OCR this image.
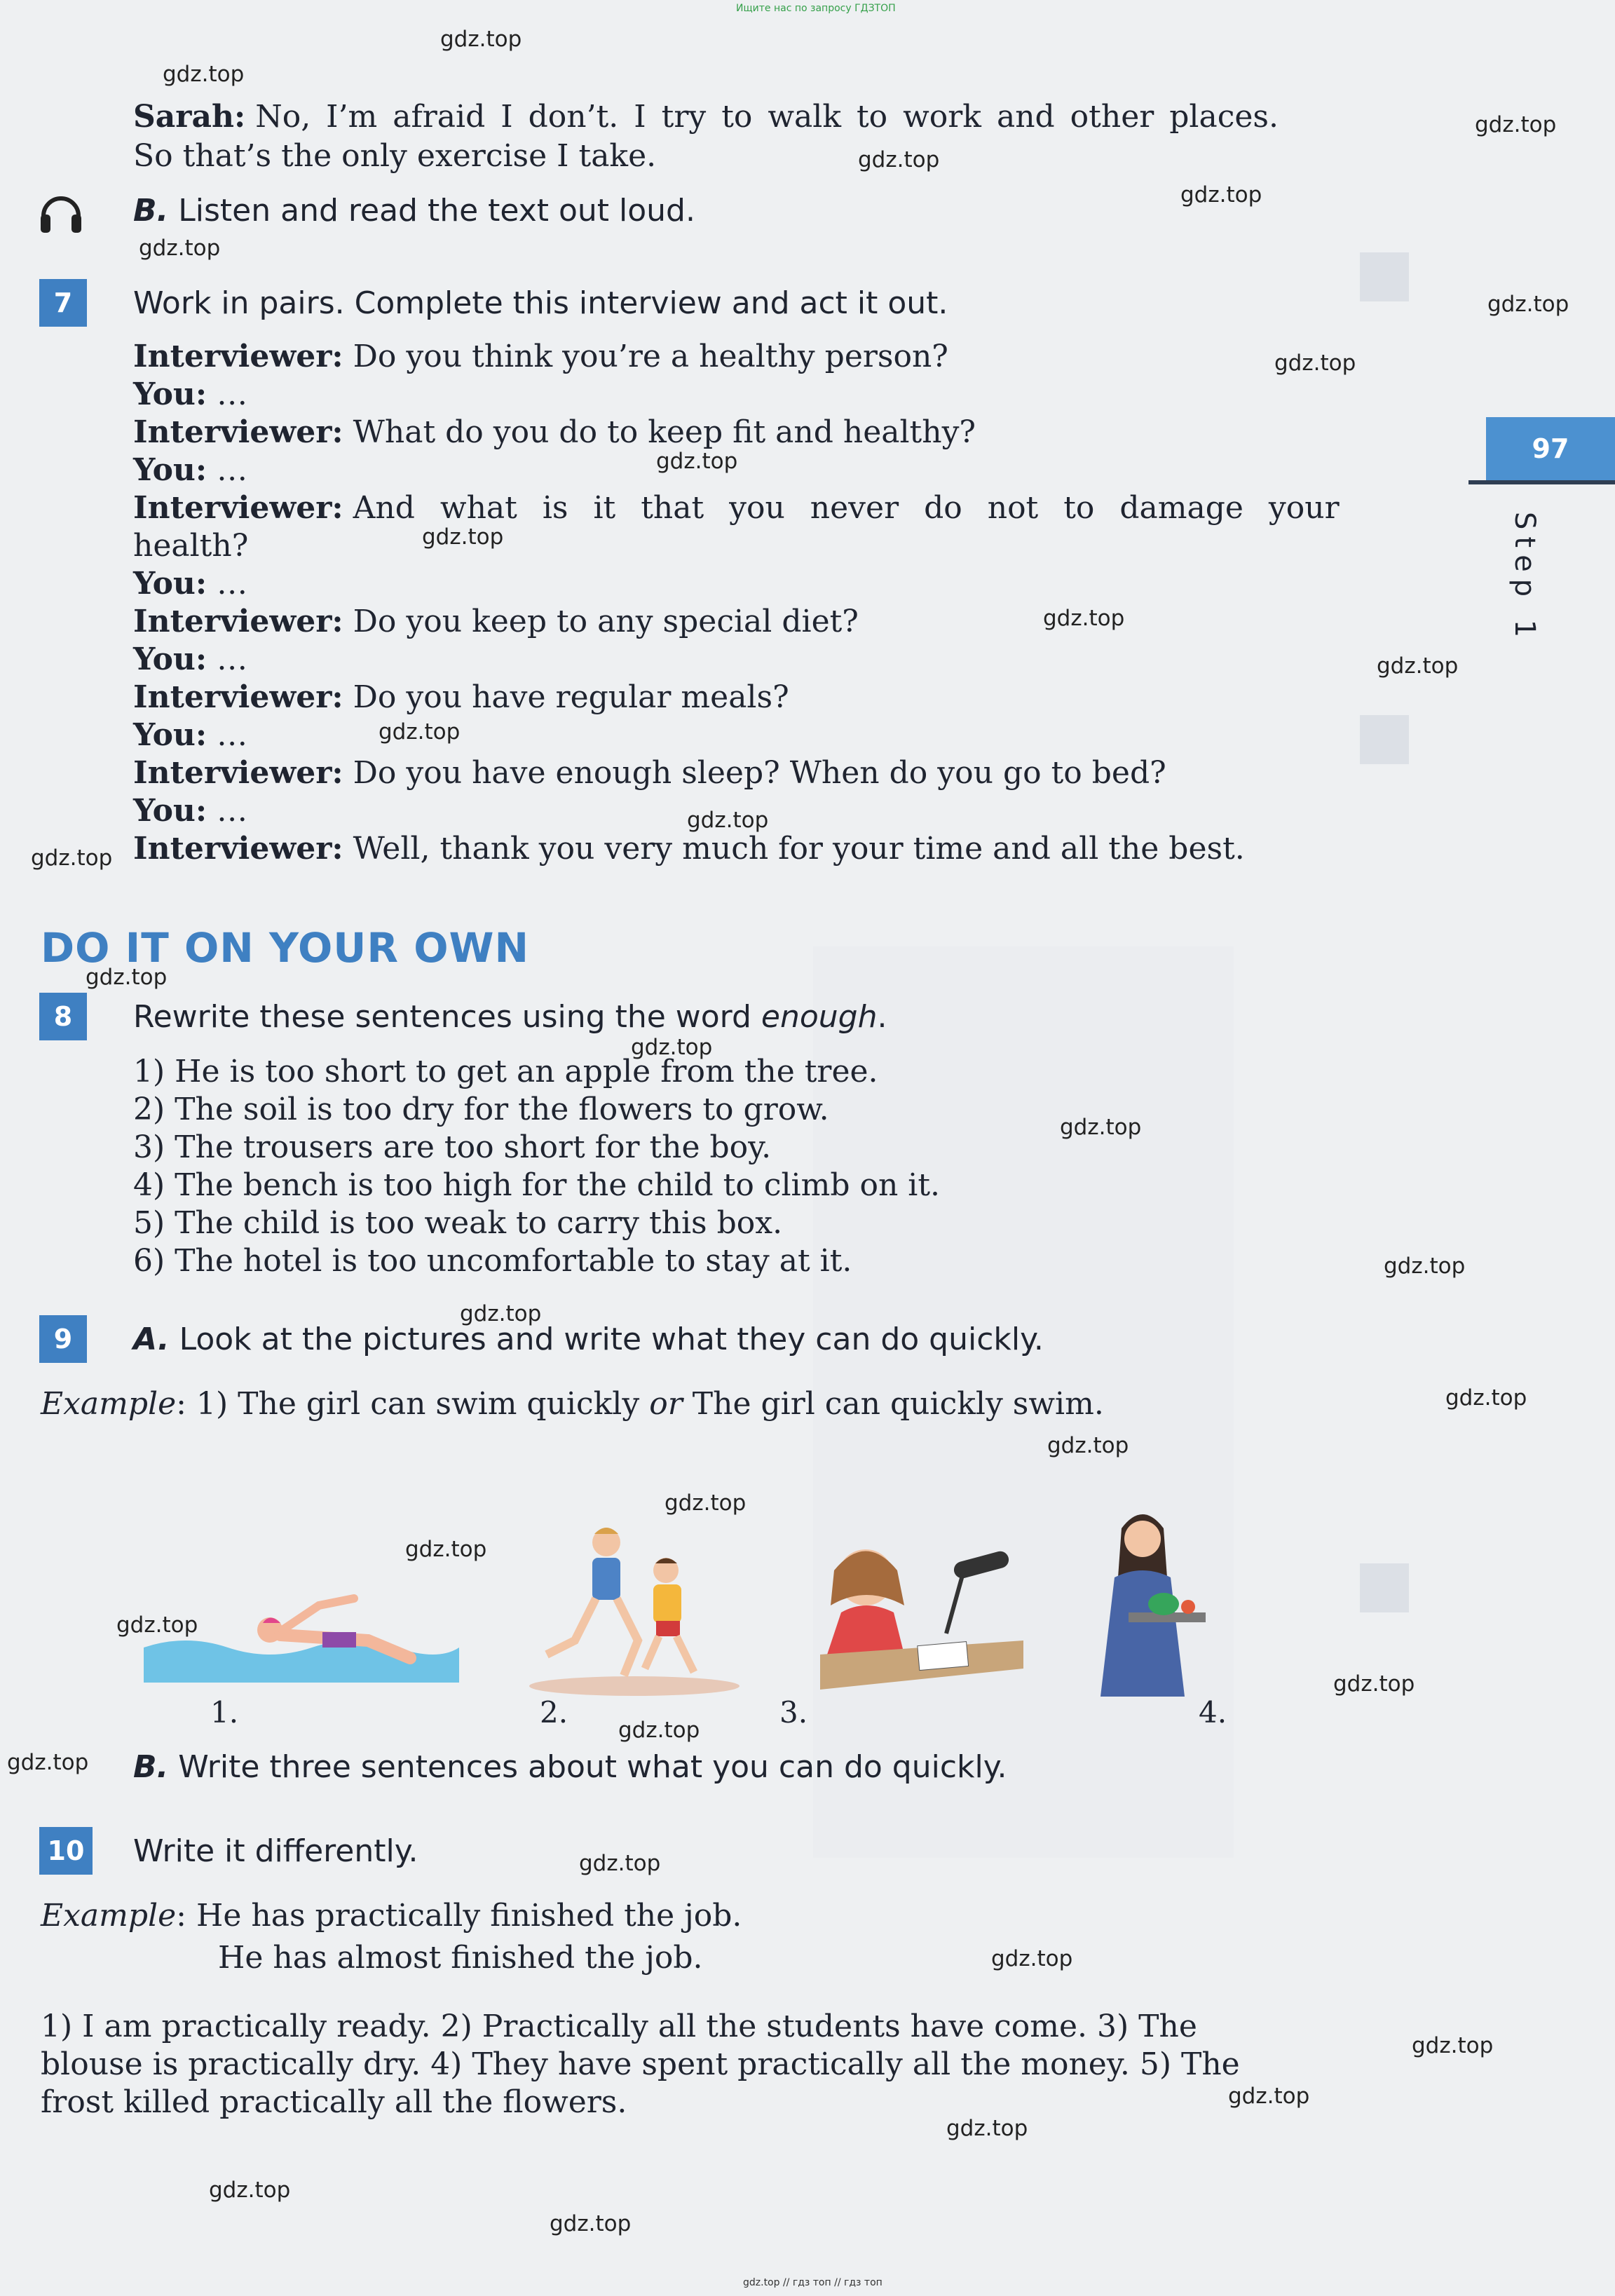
Ищите нас по запросу ГДЗТОП
Sarah: No, I’m afraid I don’t. I try to walk to work and other places.
So that’s the only exercise I take.
B. Listen and read the text out loud.
7	Work in pairs. Complete this interview and act it out.
Interviewer: Do you think you’re a healthy person?
You: …
Interviewer: What do you do to keep fit and healthy?
You: …
Interviewer: And what is it that you never do not to damage your
health?
You: …
Interviewer: Do you keep to any special diet?
You: …
Interviewer: Do you have regular meals?
You: …
Interviewer: Do you have enough sleep? When do you go to bed?
You: …
Interviewer: Well, thank you very much for your time and all the best.
DO IT ON YOUR OWN
8	Rewrite these sentences using the word enough.
1) He is too short to get an apple from the tree.
2) The soil is too dry for the flowers to grow.
3) The trousers are too short for the boy.
4) The bench is too high for the child to climb on it.
5) The child is too weak to carry this box.
6) The hotel is too uncomfortable to stay at it.
9	A. Look at the pictures and write what they can do quickly.
Example: 1) The girl can swim quickly or The girl can quickly swim.
1.	2.	3.	4.
B. Write three sentences about what you can do quickly.
10 Write it differently.
Example: He has practically finished the job.
He has almost finished the job.
1) I am practically ready. 2) Practically all the students have come. 3) The
blouse is practically dry. 4) They have spent practically all the money. 5) The
frost killed practically all the flowers.
97
Step 1
gdz.top
gdz.top
gdz.top
gdz.top
gdz.top
gdz.top
gdz.top
gdz.top
gdz.top
gdz.top
gdz.top
gdz.top
gdz.top
gdz.top
gdz.top
gdz.top
gdz.top
gdz.top
gdz.top
gdz.top
gdz.top
gdz.top
gdz.top
gdz.top
gdz.top
gdz.top
gdz.top
gdz.top
gdz.top
gdz.top
gdz.top
gdz.top
gdz.top
gdz.top
gdz.top
gdz.top // гдз топ // гдз топ
